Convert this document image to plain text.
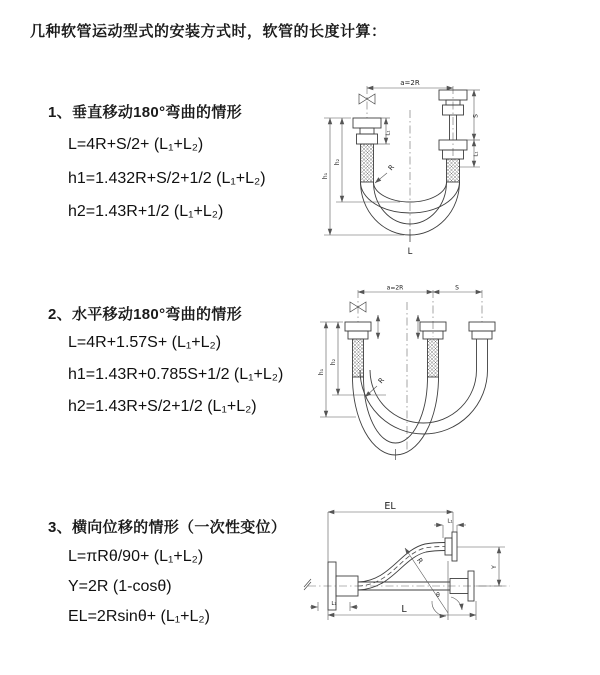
几种软管运动型式的安装方式时，软管的长度计算：
1、垂直移动180°弯曲的情形
L=4R+S/2+ (L₁+L₂)
h1=1.432R+S/2+1/2 (L₁+L₂)
h2=1.43R+1/2 (L₁+L₂)
2、水平移动180°弯曲的情形
L=4R+1.57S+ (L₁+L₂)
h1=1.43R+0.785S+1/2 (L₁+L₂)
h2=1.43R+S/2+1/2 (L₁+L₂)
3、横向位移的情形（一次性变位）
L=πRθ/90+ (L₁+L₂)
Y=2R (1-cosθ)
EL=2Rsinθ+ (L₁+L₂)
a=2R
L₁
S
L₁
h₁
h₂
R
L
a=2R	S
h₁
h₂
R
θ
R
EL
L₁
Y
L
L₁
